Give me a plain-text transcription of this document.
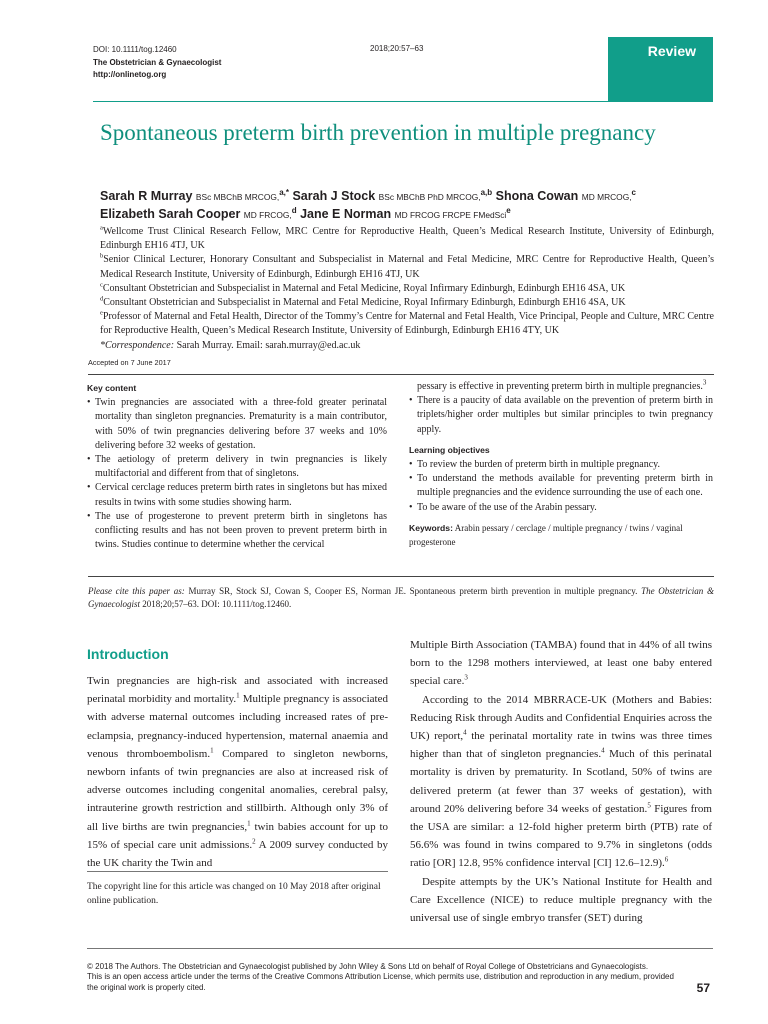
DOI: 10.1111/tog.12460
The Obstetrician & Gynaecologist
http://onlinetog.org
2018;20:57–63	Review
Spontaneous preterm birth prevention in multiple pregnancy
Sarah R Murray BSc MBChB MRCOG,$^{a,*}$ Sarah J Stock BSc MBChB PhD MRCOG,$^{a,b}$ Shona Cowan MD MRCOG,$^c$
Elizabeth Sarah Cooper MD FRCOG,$^d$ Jane E Norman MD FRCOG FRCPE FMedSci$^e$

$^a$Wellcome Trust Clinical Research Fellow, MRC Centre for Reproductive Health, Queen’s Medical Research Institute, University of Edinburgh, Edinburgh EH16 4TJ, UK

$^b$Senior Clinical Lecturer, Honorary Consultant and Subspecialist in Maternal and Fetal Medicine, MRC Centre for Reproductive Health, Queen’s Medical Research Institute, University of Edinburgh, Edinburgh EH16 4TJ, UK

$^c$Consultant Obstetrician and Subspecialist in Maternal and Fetal Medicine, Royal Infirmary Edinburgh, Edinburgh EH16 4SA, UK

$^d$Consultant Obstetrician and Subspecialist in Maternal and Fetal Medicine, Royal Infirmary Edinburgh, Edinburgh EH16 4SA, UK

$^e$Professor of Maternal and Fetal Health, Director of the Tommy’s Centre for Maternal and Fetal Health, Vice Principal, People and Culture, MRC Centre for Reproductive Health, Queen’s Medical Research Institute, University of Edinburgh, Edinburgh EH16 4TY, UK

*Correspondence: Sarah Murray. Email: sarah.murray@ed.ac.uk

Accepted on 7 June 2017
Key content
• Twin pregnancies are associated with a three-fold greater perinatal mortality than singleton pregnancies. Prematurity is a main contributor, with 50% of twin pregnancies delivering before 37 weeks and 10% delivering before 32 weeks of gestation.
• The aetiology of preterm delivery in twin pregnancies is likely multifactorial and different from that of singletons.
• Cervical cerclage reduces preterm birth rates in singletons but has mixed results in twins with some studies showing harm.
• The use of progesterone to prevent preterm birth in singletons has conflicting results and has not been proven to prevent preterm birth in twins. Studies continue to determine whether the cervical
pessary is effective in preventing preterm birth in multiple pregnancies.$^3$
• There is a paucity of data available on the prevention of preterm birth in triplets/higher order multiples but similar principles to twin pregnancy apply.
Learning objectives
• To review the burden of preterm birth in multiple pregnancy.
• To understand the methods available for preventing preterm birth in multiple pregnancies and the evidence surrounding the use of each one.
• To be aware of the use of the Arabin pessary.
Keywords: Arabin pessary / cerclage / multiple pregnancy / twins / vaginal progesterone
Please cite this paper as: Murray SR, Stock SJ, Cowan S, Cooper ES, Norman JE. Spontaneous preterm birth prevention in multiple pregnancy. The Obstetrician & Gynaecologist 2018;20;57–63. DOI: 10.1111/tog.12460.
Introduction

Twin pregnancies are high-risk and associated with increased perinatal morbidity and mortality.$^1$ Multiple pregnancy is associated with adverse maternal outcomes including increased rates of pre-eclampsia, pregnancy-induced hypertension, maternal anaemia and venous thromboembolism.$^1$ Compared to singleton newborns, newborn infants of twin pregnancies are also at increased risk of adverse outcomes including congenital anomalies, cerebral palsy, intrauterine growth restriction and stillbirth. Although only 3% of all live births are twin pregnancies,$^1$ twin babies account for up to 15% of special care unit admissions.$^2$ A 2009 survey conducted by the UK charity the Twin and

Multiple Birth Association (TAMBA) found that in 44% of all twins born to the 1298 mothers interviewed, at least one baby entered special care.$^3$

According to the 2014 MBRRACE-UK (Mothers and Babies: Reducing Risk through Audits and Confidential Enquiries across the UK) report,$^4$ the perinatal mortality rate in twins was three times higher than that of singleton pregnancies.$^4$ Much of this perinatal mortality is driven by prematurity. In Scotland, 50% of twins are delivered preterm (at fewer than 37 weeks of gestation), with around 20% delivering before 34 weeks of gestation.$^5$ Figures from the USA are similar: a 12-fold higher preterm birth (PTB) rate of 56.6% was found in twins compared to 9.7% in singletons (odds ratio [OR] 12.8, 95% confidence interval [CI] 12.6–12.9).$^6$

Despite attempts by the UK’s National Institute for Health and Care Excellence (NICE) to reduce multiple pregnancy with the universal use of single embryo transfer (SET) during

The copyright line for this article was changed on 10 May 2018 after original online publication.
© 2018 The Authors. The Obstetrician and Gynaecologist published by John Wiley & Sons Ltd on behalf of Royal College of Obstetricians and Gynaecologists.
This is an open access article under the terms of the Creative Commons Attribution License, which permits use, distribution and reproduction in any medium, provided
the original work is properly cited.	57
